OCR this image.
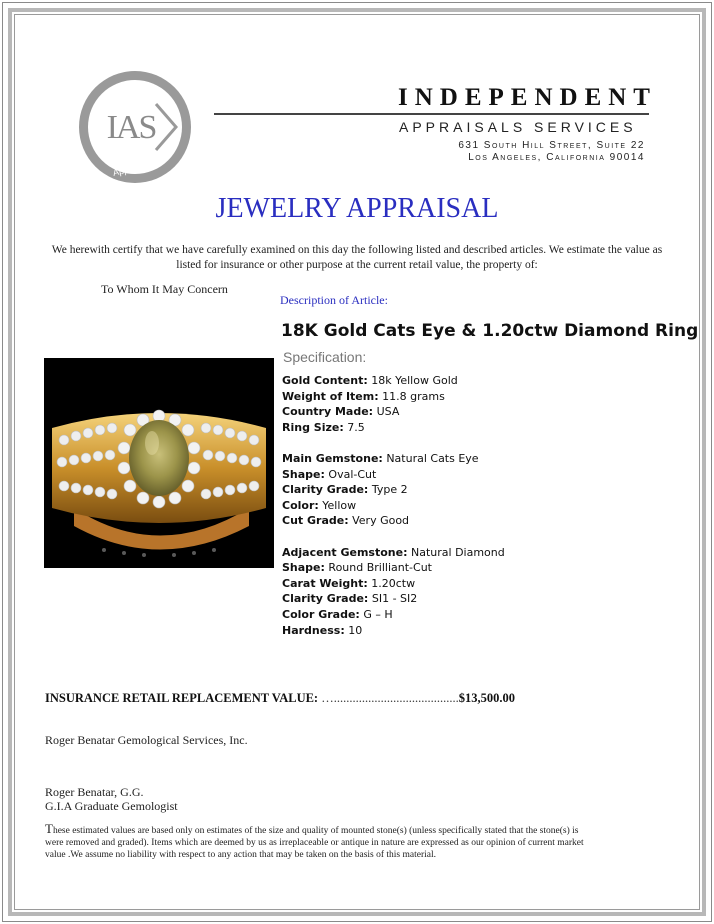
IAS
Appraisal
INDEPENDENT
APPRAISALS SERVICES
631 South Hill Street, Suite 22
Los Angeles, California 90014
JEWELRY APPRAISAL
We herewith certify that we have carefully examined on this day the following listed and described articles. We estimate the value as listed for insurance or other purpose at the current retail value, the property of:
To Whom It May Concern
Description of Article:
18K Gold Cats Eye & 1.20ctw Diamond Ring
Specification:
Gold Content: 18k Yellow Gold
Weight of Item: 11.8 grams
Country Made: USA
Ring Size: 7.5
Main Gemstone: Natural Cats Eye
Shape: Oval-Cut
Clarity Grade: Type 2
Color: Yellow
Cut Grade: Very Good
Adjacent Gemstone: Natural Diamond
Shape: Round Brilliant-Cut
Carat Weight: 1.20ctw
Clarity Grade: SI1 - SI2
Color Grade: G – H
Hardness: 10
INSURANCE RETAIL REPLACEMENT VALUE: …........................................$13,500.00
Roger Benatar Gemological Services, Inc.
Roger Benatar, G.G.
G.I.A Graduate Gemologist
These estimated values are based only on estimates of the size and quality of mounted stone(s) (unless specifically stated that the stone(s) is were removed and graded). Items which are deemed by us as irreplaceable or antique in nature are expressed as our opinion of current market value .We assume no liability with respect to any action that may be taken on the basis of this material.
